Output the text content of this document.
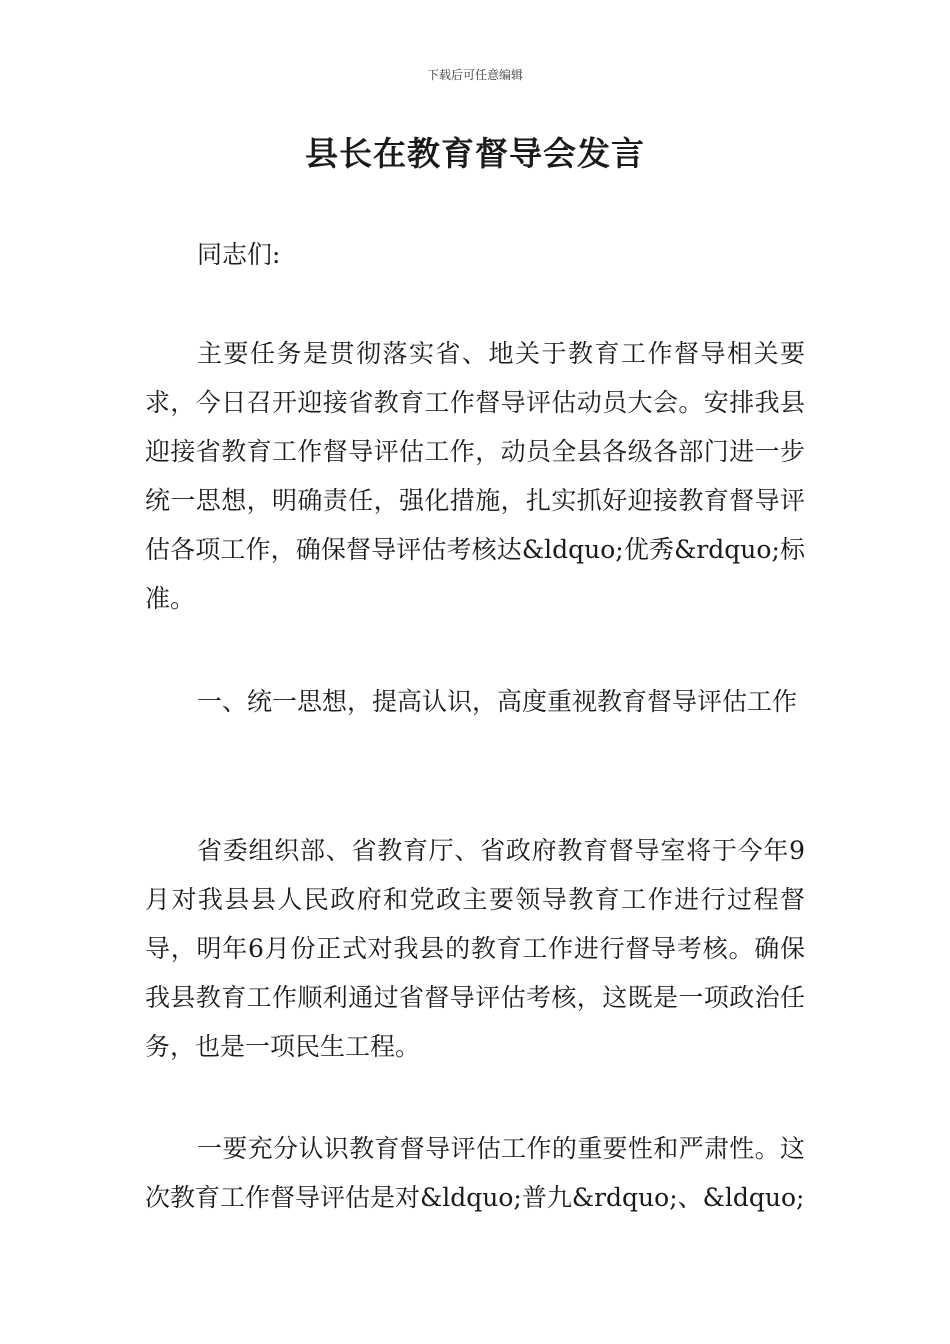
下载后可任意编辑
县长在教育督导会发言

同志们:

主要任务是贯彻落实省、地关于教育工作督导相关要求，今日召开迎接省教育工作督导评估动员大会。安排我县迎接省教育工作督导评估工作，动员全县各级各部门进一步统一思想，明确责任，强化措施，扎实抓好迎接教育督导评估各项工作，确保督导评估考核达&ldquo;优秀&rdquo;标准。

一、统一思想，提高认识，高度重视教育督导评估工作

省委组织部、省教育厅、省政府教育督导室将于今年9月对我县县人民政府和党政主要领导教育工作进行过程督导，明年6月份正式对我县的教育工作进行督导考核。确保我县教育工作顺利通过省督导评估考核，这既是一项政治任务，也是一项民生工程。

一要充分认识教育督导评估工作的重要性和严肃性。这次教育工作督导评估是对&ldquo;普九&rdquo;、&ldquo;
